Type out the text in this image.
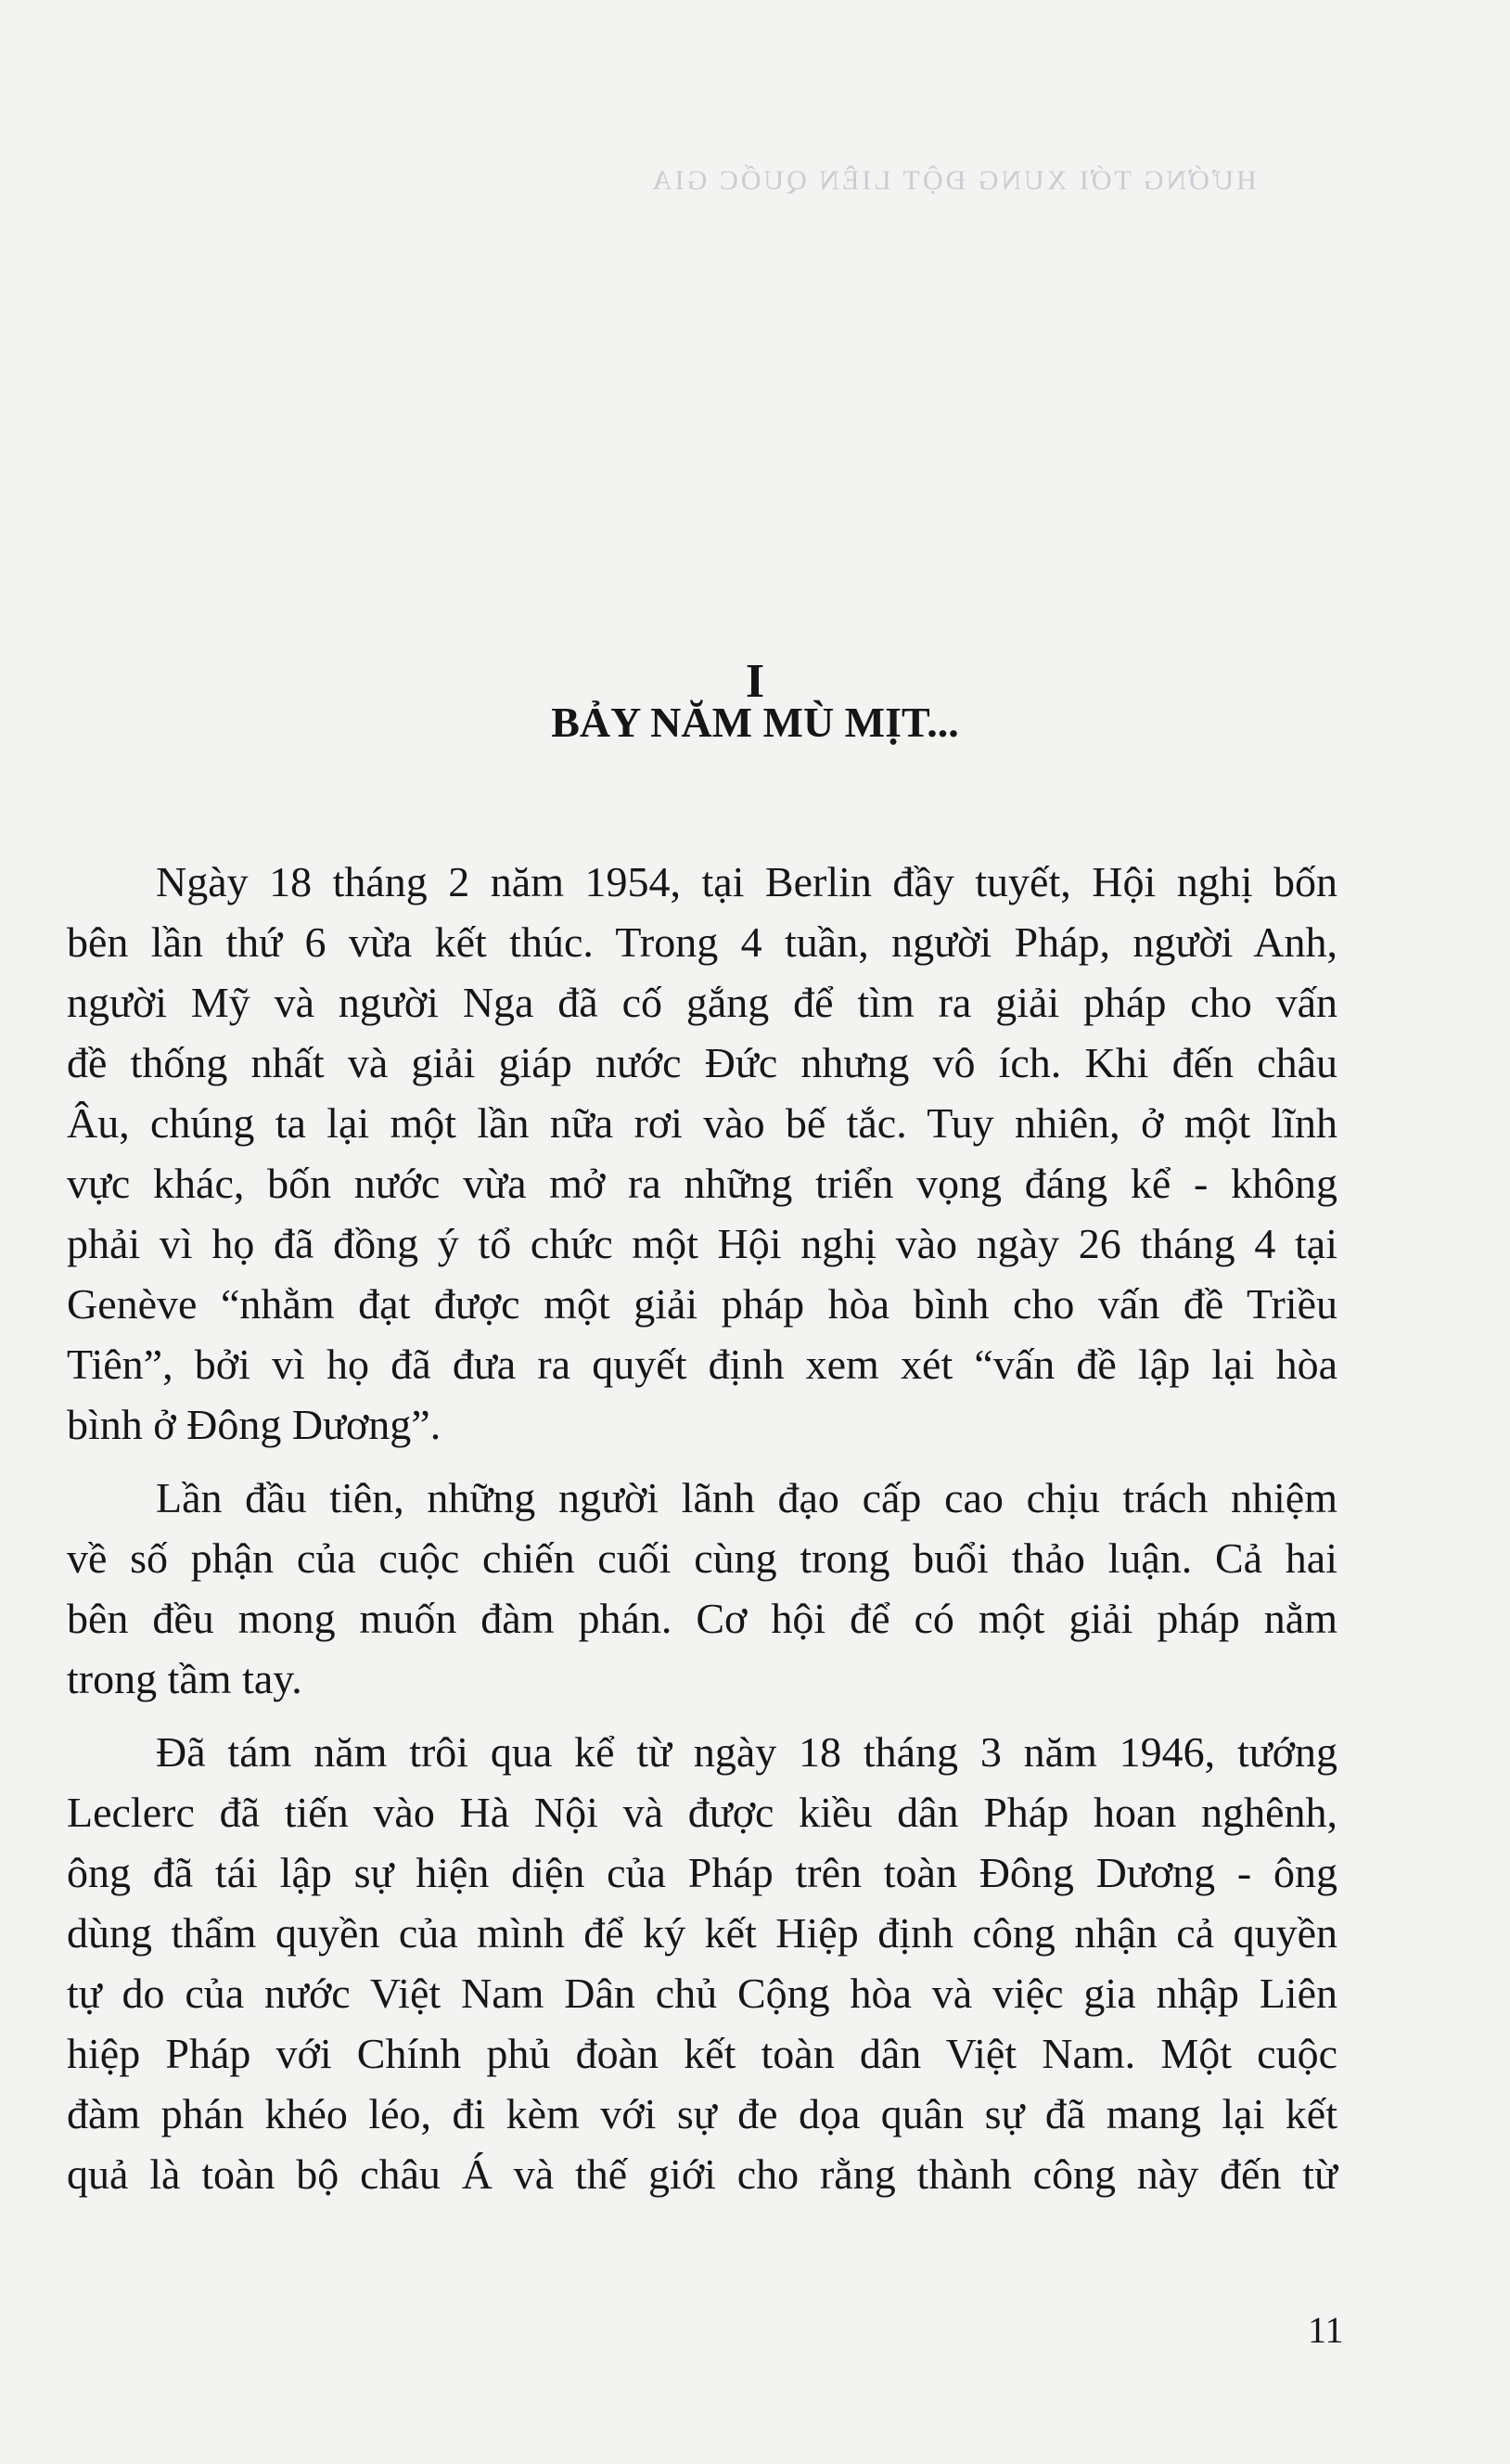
HƯỚNG TỚI XUNG ĐỘT LIÊN QUỐC GIA
I
BẢY NĂM MÙ MỊT...
Ngày 18 tháng 2 năm 1954, tại Berlin đầy tuyết, Hội nghị bốn
bên lần thứ 6 vừa kết thúc. Trong 4 tuần, người Pháp, người Anh,
người Mỹ và người Nga đã cố gắng để tìm ra giải pháp cho vấn
đề thống nhất và giải giáp nước Đức nhưng vô ích. Khi đến châu
Âu, chúng ta lại một lần nữa rơi vào bế tắc. Tuy nhiên, ở một lĩnh
vực khác, bốn nước vừa mở ra những triển vọng đáng kể - không
phải vì họ đã đồng ý tổ chức một Hội nghị vào ngày 26 tháng 4 tại
Genève “nhằm đạt được một giải pháp hòa bình cho vấn đề Triều
Tiên”, bởi vì họ đã đưa ra quyết định xem xét “vấn đề lập lại hòa
bình ở Đông Dương”.
Lần đầu tiên, những người lãnh đạo cấp cao chịu trách nhiệm
về số phận của cuộc chiến cuối cùng trong buổi thảo luận. Cả hai
bên đều mong muốn đàm phán. Cơ hội để có một giải pháp nằm
trong tầm tay.
Đã tám năm trôi qua kể từ ngày 18 tháng 3 năm 1946, tướng
Leclerc đã tiến vào Hà Nội và được kiều dân Pháp hoan nghênh,
ông đã tái lập sự hiện diện của Pháp trên toàn Đông Dương - ông
dùng thẩm quyền của mình để ký kết Hiệp định công nhận cả quyền
tự do của nước Việt Nam Dân chủ Cộng hòa và việc gia nhập Liên
hiệp Pháp với Chính phủ đoàn kết toàn dân Việt Nam. Một cuộc
đàm phán khéo léo, đi kèm với sự đe dọa quân sự đã mang lại kết
quả là toàn bộ châu Á và thế giới cho rằng thành công này đến từ
11
